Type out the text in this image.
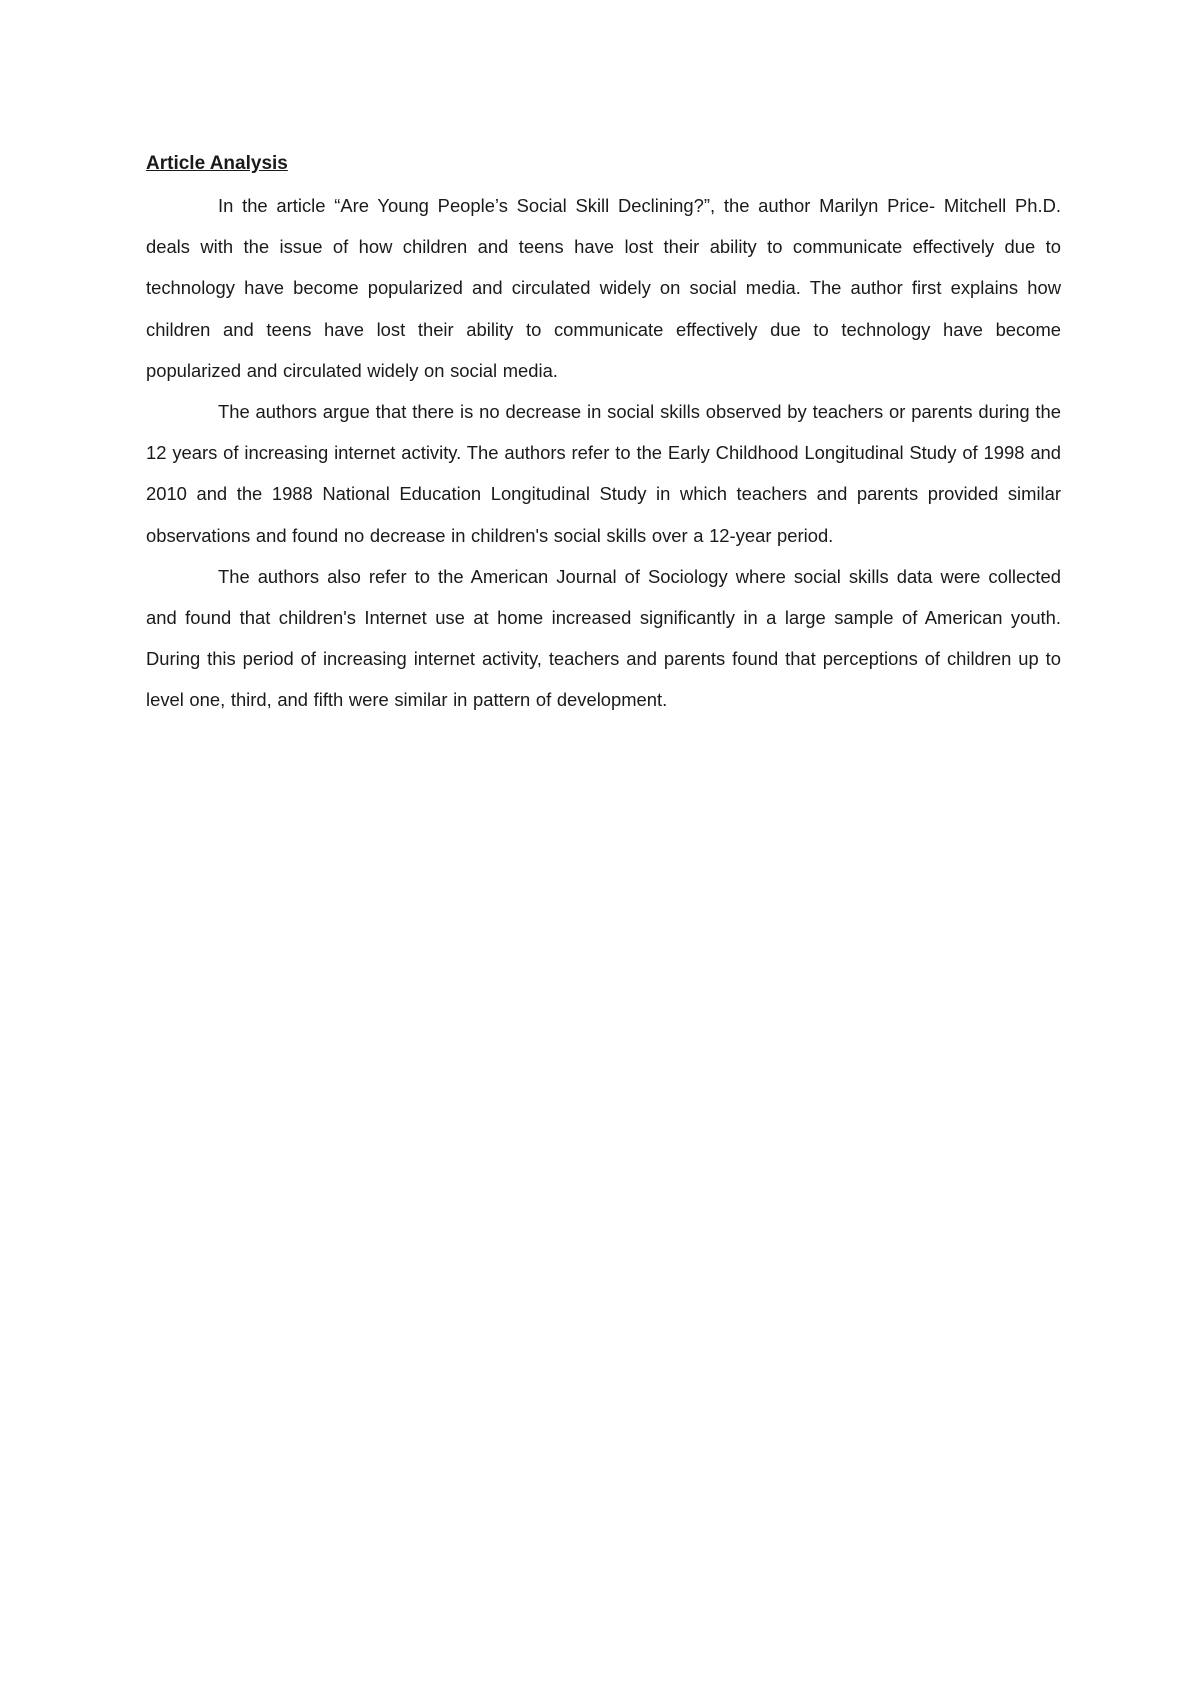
Article Analysis

In the article “Are Young People’s Social Skill Declining?”, the author Marilyn Price- Mitchell Ph.D. deals with the issue of how children and teens have lost their ability to communicate effectively due to technology have become popularized and circulated widely on social media. The author first explains how children and teens have lost their ability to communicate effectively due to technology have become popularized and circulated widely on social media.

The authors argue that there is no decrease in social skills observed by teachers or parents during the 12 years of increasing internet activity. The authors refer to the Early Childhood Longitudinal Study of 1998 and 2010 and the 1988 National Education Longitudinal Study in which teachers and parents provided similar observations and found no decrease in children's social skills over a 12-year period.

The authors also refer to the American Journal of Sociology where social skills data were collected and found that children's Internet use at home increased significantly in a large sample of American youth. During this period of increasing internet activity, teachers and parents found that perceptions of children up to level one, third, and fifth were similar in pattern of development.
